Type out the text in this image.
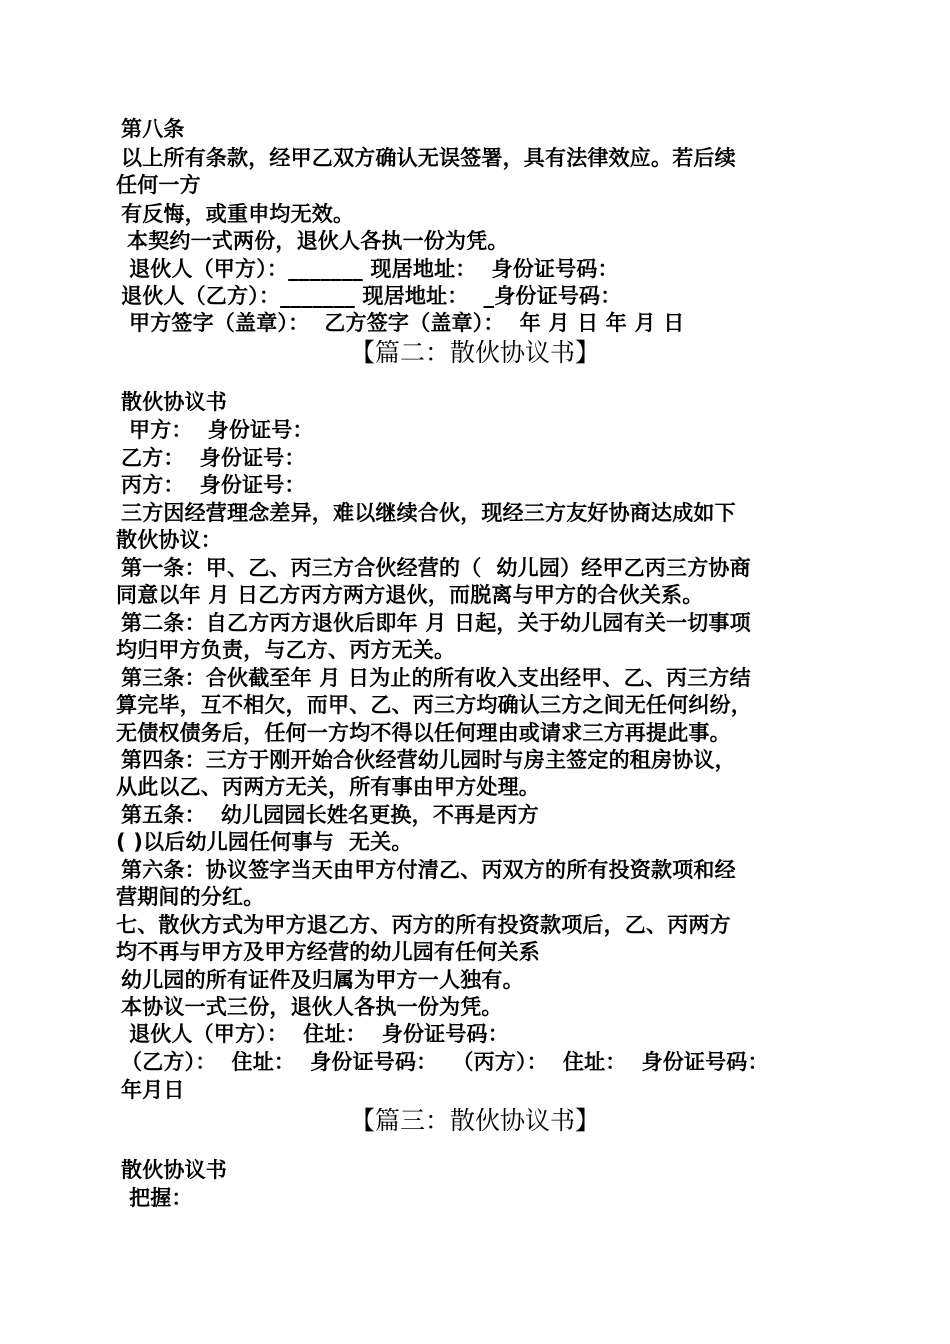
第八条
以上所有条款，经甲乙双方确认无误签署，具有法律效应。若后续
任何一方
有反悔，或重申均无效。
本契约一式两份，退伙人各执一份为凭。
退伙人（甲方）：_______ 现居地址：  身份证号码：
退伙人（乙方）：_______ 现居地址：  _身份证号码：
甲方签字（盖章）：  乙方签字（盖章）：  年 月 日 年 月 日
【篇二：散伙协议书】
散伙协议书
甲方：  身份证号：
乙方：  身份证号：
丙方：  身份证号：
三方因经营理念差异，难以继续合伙，现经三方友好协商达成如下
散伙协议：
第一条：甲、乙、丙三方合伙经营的（  幼儿园）经甲乙丙三方协商
同意以年 月 日乙方丙方两方退伙，而脱离与甲方的合伙关系。
第二条：自乙方丙方退伙后即年 月 日起，关于幼儿园有关一切事项
均归甲方负责，与乙方、丙方无关。
第三条：合伙截至年 月 日为止的所有收入支出经甲、乙、丙三方结
算完毕，互不相欠，而甲、乙、丙三方均确认三方之间无任何纠纷，
无债权债务后，任何一方均不得以任何理由或请求三方再提此事。
第四条：三方于刚开始合伙经营幼儿园时与房主签定的租房协议，
从此以乙、丙两方无关，所有事由甲方处理。
第五条：  幼儿园园长姓名更换，不再是丙方
( )以后幼儿园任何事与  无关。
第六条：协议签字当天由甲方付清乙、丙双方的所有投资款项和经
营期间的分红。
七、散伙方式为甲方退乙方、丙方的所有投资款项后，乙、丙两方
均不再与甲方及甲方经营的幼儿园有任何关系
幼儿园的所有证件及归属为甲方一人独有。
本协议一式三份，退伙人各执一份为凭。
退伙人（甲方）：  住址：  身份证号码：
（乙方）：  住址：  身份证号码：  （丙方）：  住址：  身份证号码：
年月日
【篇三：散伙协议书】
散伙协议书
把握：
